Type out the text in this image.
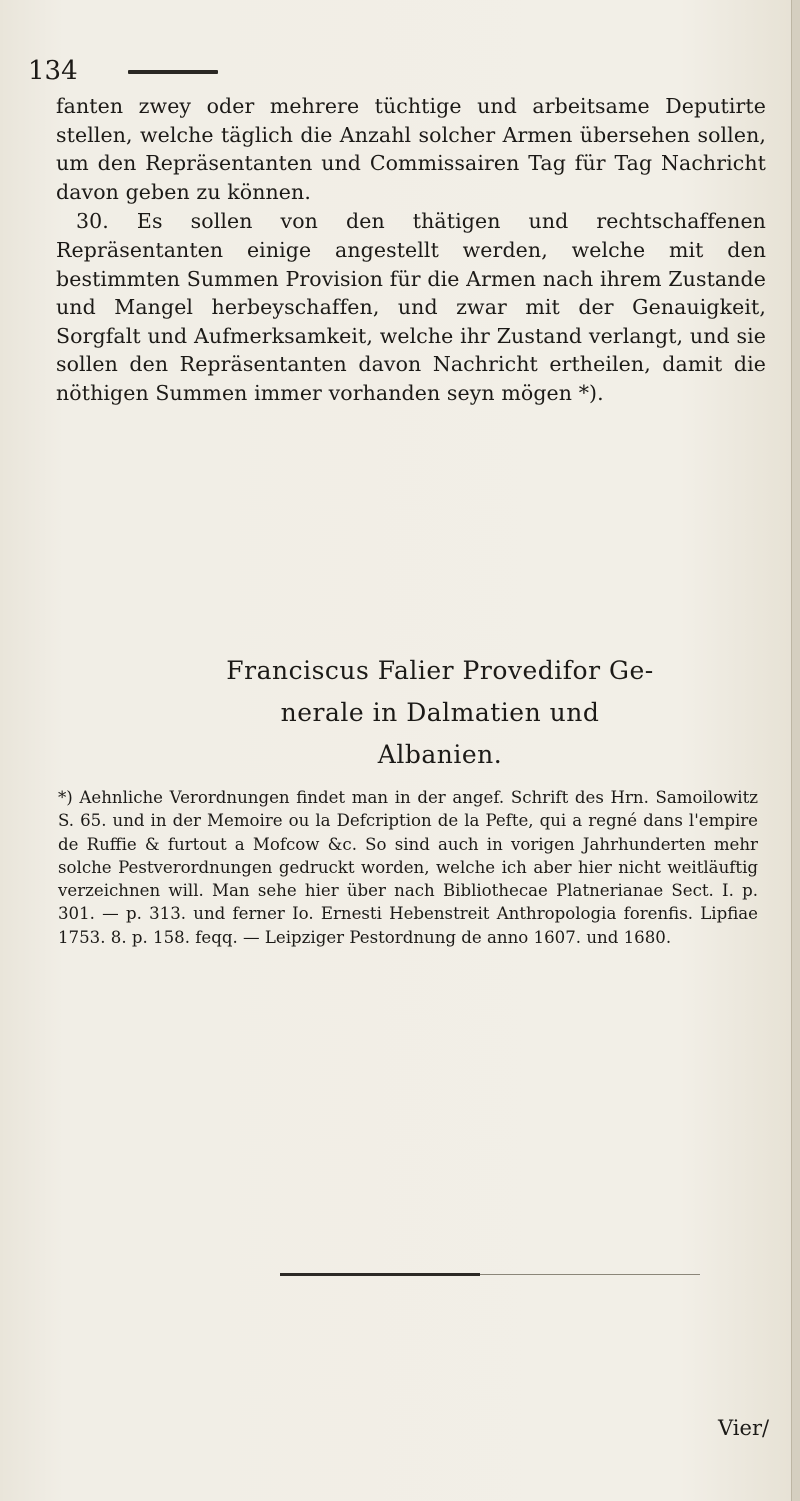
134

fanten zwey oder mehrere tüchtige und arbeitsame Deputirte stellen, welche täglich die Anzahl solcher Armen übersehen sollen, um den Repräsentanten und Commissairen Tag für Tag Nachricht davon geben zu können.

30. Es sollen von den thätigen und rechtschaffenen Repräsentanten einige angestellt werden, welche mit den bestimmten Summen Provision für die Armen nach ihrem Zustande und Mangel herbeyschaffen, und zwar mit der Genauigkeit, Sorgfalt und Aufmerksamkeit, welche ihr Zustand verlangt, und sie sollen den Repräsentanten davon Nachricht ertheilen, damit die nöthigen Summen immer vorhanden seyn mögen *).

Franciscus Falier Provedifor Ge-
nerale in Dalmatien und
Albanien.

*) Aehnliche Verordnungen findet man in der angef. Schrift des Hrn. Samoilowitz S. 65. und in der Memoire ou la Defcription de la Pefte, qui a regné dans l'empire de Ruffie & furtout a Mofcow &c. So sind auch in vorigen Jahrhunderten mehr solche Pestverordnungen gedruckt worden, welche ich aber hier nicht weitläuftig verzeichnen will. Man sehe hier über nach Bibliothecae Platnerianae Sect. I. p. 301. — p. 313. und ferner Io. Ernesti Hebenstreit Anthropologia forenfis. Lipfiae 1753. 8. p. 158. feqq. — Leipziger Pestordnung de anno 1607. und 1680.

Vier/
